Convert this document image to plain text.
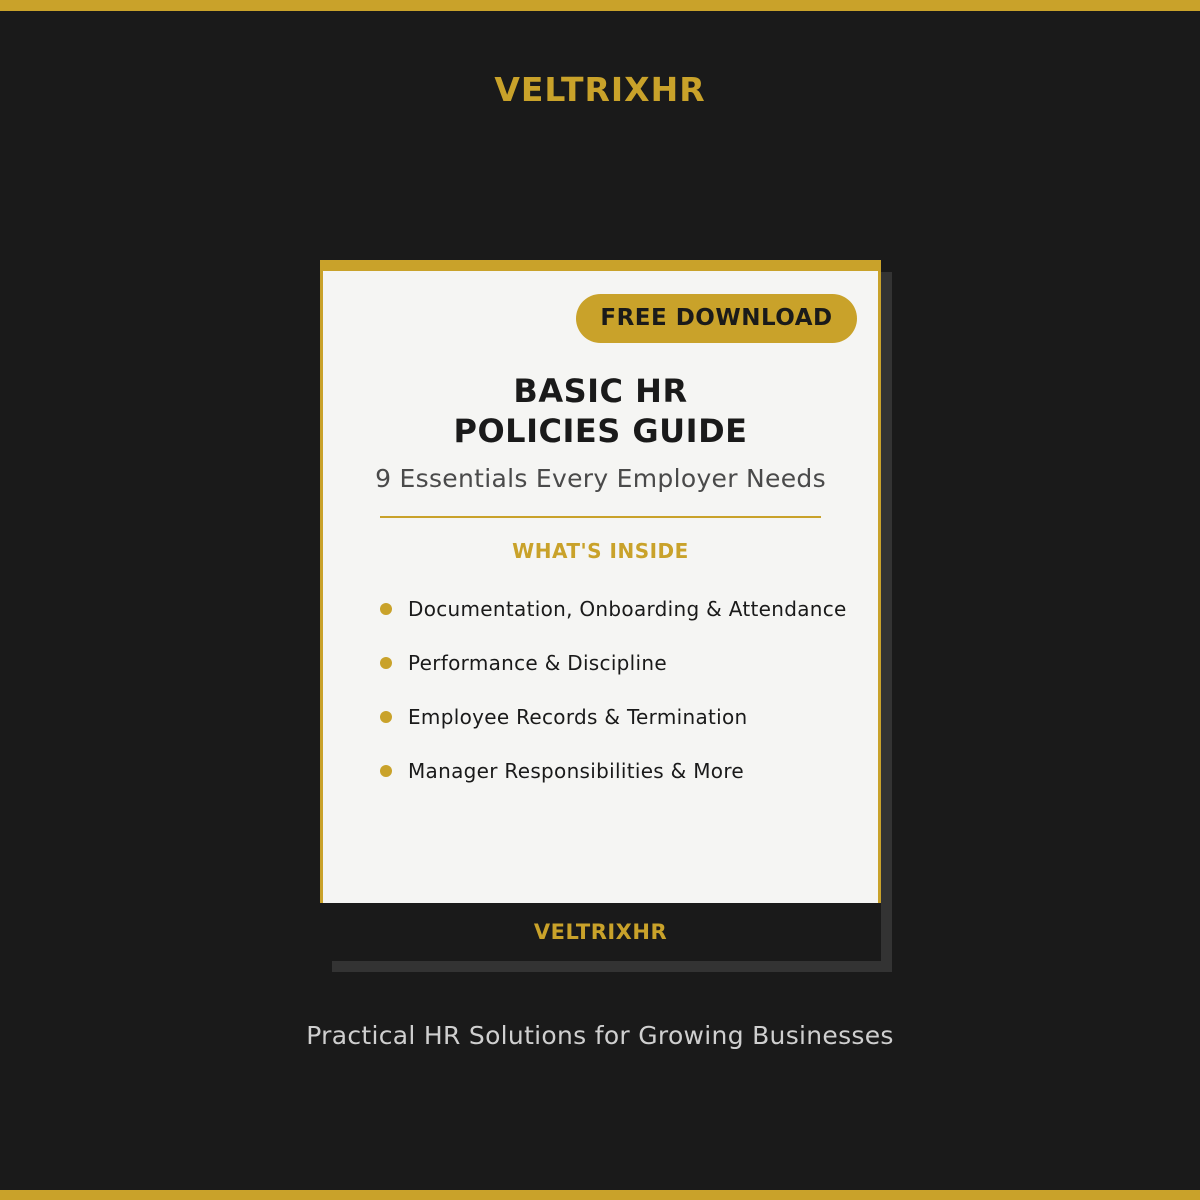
VELTRIXHR
FREE DOWNLOAD
BASIC HR
POLICIES GUIDE
9 Essentials Every Employer Needs
WHAT'S INSIDE
Documentation, Onboarding & Attendance
Performance & Discipline
Employee Records & Termination
Manager Responsibilities & More
VELTRIXHR
Practical HR Solutions for Growing Businesses
